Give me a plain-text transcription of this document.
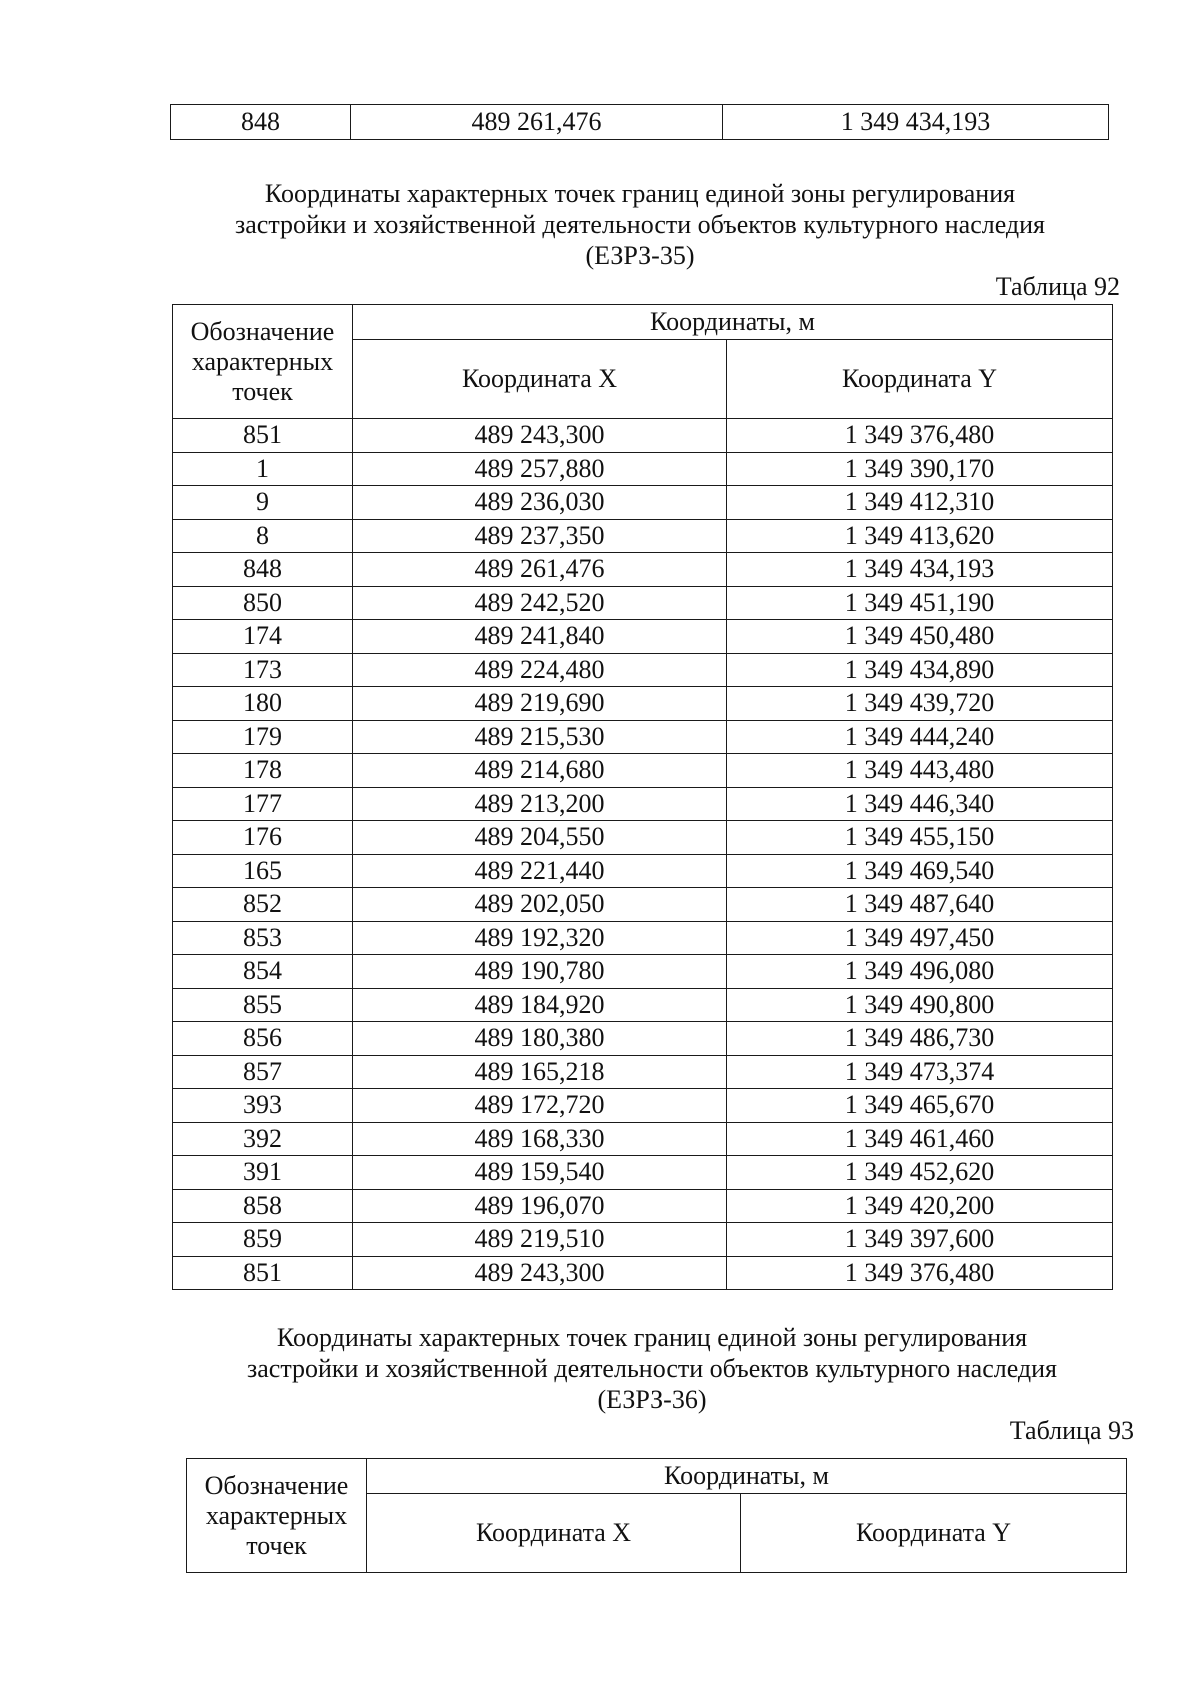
848	489 261,476	1 349 434,193
Координаты характерных точек границ единой зоны регулирования
застройки и хозяйственной деятельности объектов культурного наследия
(ЕЗРЗ-35)
Таблица 92
Обозначение характерных точек	Координаты, м	
	Координата X	Координата Y
851	489 243,300	1 349 376,480
1	489 257,880	1 349 390,170
9	489 236,030	1 349 412,310
8	489 237,350	1 349 413,620
848	489 261,476	1 349 434,193
850	489 242,520	1 349 451,190
174	489 241,840	1 349 450,480
173	489 224,480	1 349 434,890
180	489 219,690	1 349 439,720
179	489 215,530	1 349 444,240
178	489 214,680	1 349 443,480
177	489 213,200	1 349 446,340
176	489 204,550	1 349 455,150
165	489 221,440	1 349 469,540
852	489 202,050	1 349 487,640
853	489 192,320	1 349 497,450
854	489 190,780	1 349 496,080
855	489 184,920	1 349 490,800
856	489 180,380	1 349 486,730
857	489 165,218	1 349 473,374
393	489 172,720	1 349 465,670
392	489 168,330	1 349 461,460
391	489 159,540	1 349 452,620
858	489 196,070	1 349 420,200
859	489 219,510	1 349 397,600
851	489 243,300	1 349 376,480
Координаты характерных точек границ единой зоны регулирования
застройки и хозяйственной деятельности объектов культурного наследия
(ЕЗРЗ-36)
Таблица 93
Обозначение характерных точек	Координаты, м	
	Координата X	Координата Y
